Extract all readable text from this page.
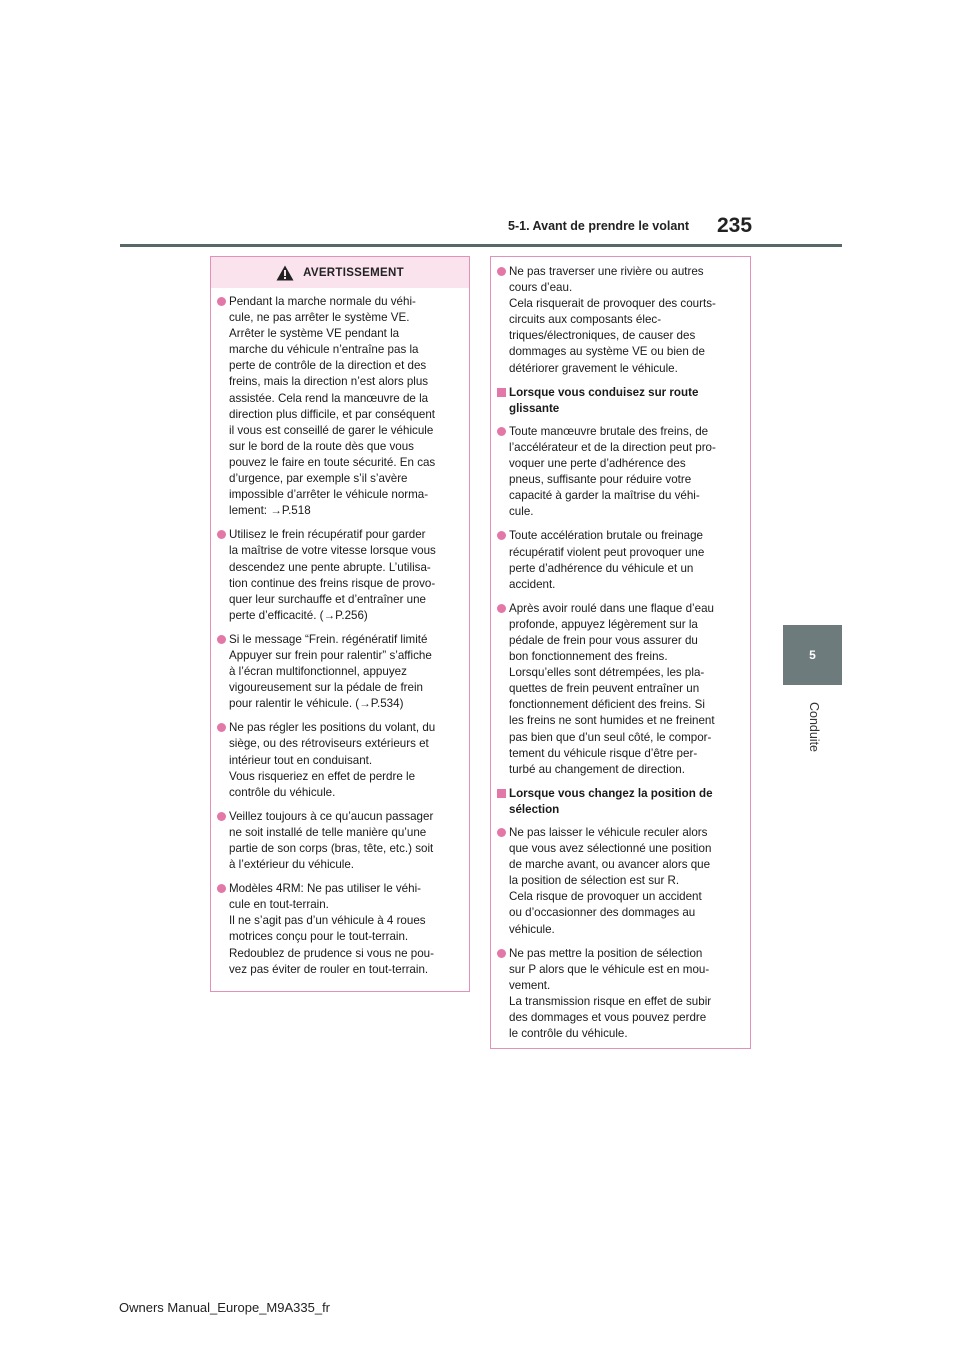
235
5-1. Avant de prendre le volant
5
Conduite
AVERTISSEMENT
Pendant la marche normale du véhi-
cule, ne pas arrêter le système VE.
Arrêter le système VE pendant la
marche du véhicule n’entraîne pas la
perte de contrôle de la direction et des
freins, mais la direction n’est alors plus
assistée. Cela rend la manœuvre de la
direction plus difficile, et par conséquent
il vous est conseillé de garer le véhicule
sur le bord de la route dès que vous
pouvez le faire en toute sécurité. En cas
d’urgence, par exemple s’il s’avère
impossible d’arrêter le véhicule norma-
lement: →P.518
Utilisez le frein récupératif pour garder
la maîtrise de votre vitesse lorsque vous
descendez une pente abrupte. L’utilisa-
tion continue des freins risque de provo-
quer leur surchauffe et d’entraîner une
perte d’efficacité. (→P.256)
Si le message “Frein. régénératif limité
Appuyer sur frein pour ralentir” s’affiche
à l’écran multifonctionnel, appuyez
vigoureusement sur la pédale de frein
pour ralentir le véhicule. (→P.534)
Ne pas régler les positions du volant, du
siège, ou des rétroviseurs extérieurs et
intérieur tout en conduisant.
Vous risqueriez en effet de perdre le
contrôle du véhicule.
Veillez toujours à ce qu’aucun passager
ne soit installé de telle manière qu’une
partie de son corps (bras, tête, etc.) soit
à l’extérieur du véhicule.
Modèles 4RM: Ne pas utiliser le véhi-
cule en tout-terrain.
Il ne s’agit pas d’un véhicule à 4 roues
motrices conçu pour le tout-terrain.
Redoublez de prudence si vous ne pou-
vez pas éviter de rouler en tout-terrain.
Ne pas traverser une rivière ou autres
cours d’eau.
Cela risquerait de provoquer des courts-
circuits aux composants élec-
triques/électroniques, de causer des
dommages au système VE ou bien de
détériorer gravement le véhicule.
Lorsque vous conduisez sur route
glissante
Toute manœuvre brutale des freins, de
l’accélérateur et de la direction peut pro-
voquer une perte d’adhérence des
pneus, suffisante pour réduire votre
capacité à garder la maîtrise du véhi-
cule.
Toute accélération brutale ou freinage
récupératif violent peut provoquer une
perte d’adhérence du véhicule et un
accident.
Après avoir roulé dans une flaque d’eau
profonde, appuyez légèrement sur la
pédale de frein pour vous assurer du
bon fonctionnement des freins.
Lorsqu’elles sont détrempées, les pla-
quettes de frein peuvent entraîner un
fonctionnement déficient des freins. Si
les freins ne sont humides et ne freinent
pas bien que d’un seul côté, le compor-
tement du véhicule risque d’être per-
turbé au changement de direction.
Lorsque vous changez la position de
sélection
Ne pas laisser le véhicule reculer alors
que vous avez sélectionné une position
de marche avant, ou avancer alors que
la position de sélection est sur R.
Cela risque de provoquer un accident
ou d’occasionner des dommages au
véhicule.
Ne pas mettre la position de sélection
sur P alors que le véhicule est en mou-
vement.
La transmission risque en effet de subir
des dommages et vous pouvez perdre
le contrôle du véhicule.
Owners Manual_Europe_M9A335_fr
